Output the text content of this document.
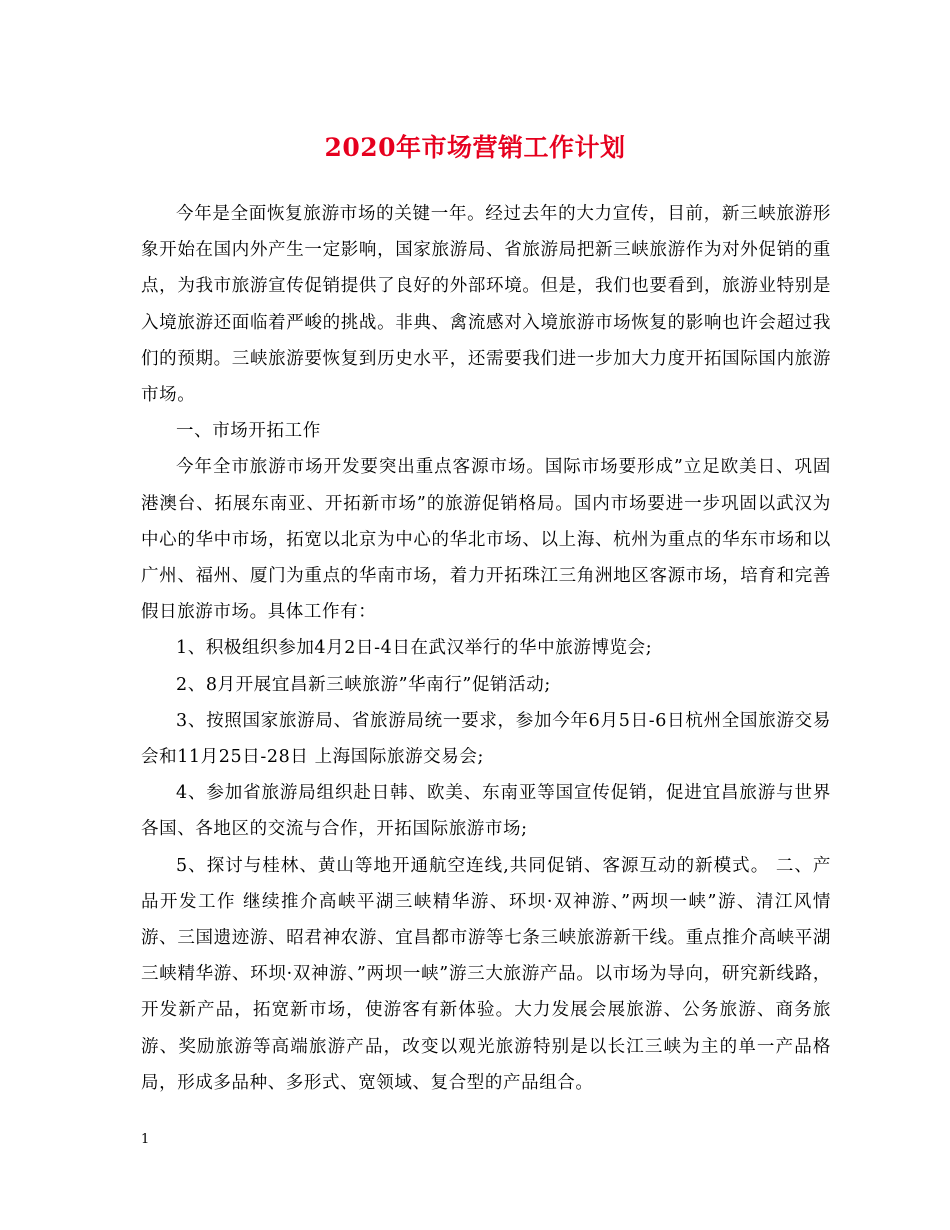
2020年市场营销工作计划

今年是全面恢复旅游市场的关键一年。经过去年的大力宣传，目前，新三峡旅游形象开始在国内外产生一定影响，国家旅游局、省旅游局把新三峡旅游作为对外促销的重点，为我市旅游宣传促销提供了良好的外部环境。但是，我们也要看到，旅游业特别是入境旅游还面临着严峻的挑战。非典、禽流感对入境旅游市场恢复的影响也许会超过我们的预期。三峡旅游要恢复到历史水平，还需要我们进一步加大力度开拓国际国内旅游市场。

一、市场开拓工作

今年全市旅游市场开发要突出重点客源市场。国际市场要形成”立足欧美日、巩固港澳台、拓展东南亚、开拓新市场”的旅游促销格局。国内市场要进一步巩固以武汉为中心的华中市场，拓宽以北京为中心的华北市场、以上海、杭州为重点的华东市场和以广州、福州、厦门为重点的华南市场，着力开拓珠江三角洲地区客源市场，培育和完善假日旅游市场。具体工作有：

1、积极组织参加4月2日-4日在武汉举行的华中旅游博览会;

2、8月开展宜昌新三峡旅游”华南行”促销活动;

3、按照国家旅游局、省旅游局统一要求，参加今年6月5日-6日杭州全国旅游交易会和11月25日-28日 上海国际旅游交易会;

4、参加省旅游局组织赴日韩、欧美、东南亚等国宣传促销，促进宜昌旅游与世界各国、各地区的交流与合作，开拓国际旅游市场;

5、探讨与桂林、黄山等地开通航空连线,共同促销、客源互动的新模式。 二、产品开发工作 继续推介高峡平湖三峡精华游、环坝·双神游、”两坝一峡”游、清江风情游、三国遗迹游、昭君神农游、宜昌都市游等七条三峡旅游新干线。重点推介高峡平湖三峡精华游、环坝·双神游、”两坝一峡”游三大旅游产品。以市场为导向，研究新线路，开发新产品，拓宽新市场，使游客有新体验。大力发展会展旅游、公务旅游、商务旅游、奖励旅游等高端旅游产品，改变以观光旅游特别是以长江三峡为主的单一产品格局，形成多品种、多形式、宽领域、复合型的产品组合。

1
